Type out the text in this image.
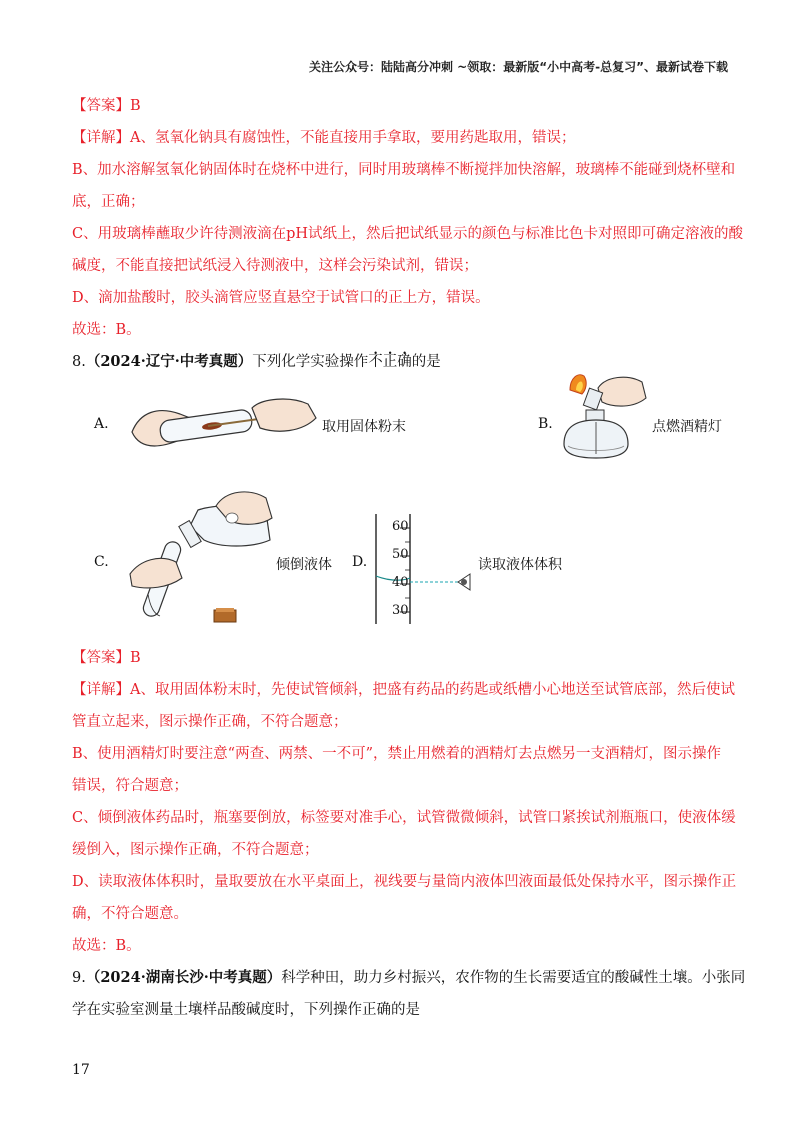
关注公众号：陆陆高分冲刺 ~领取：最新版“小中高考-总复习”、最新试卷下载
【答案】B
【详解】A、氢氧化钠具有腐蚀性，不能直接用手拿取，要用药匙取用，错误；
B、加水溶解氢氧化钠固体时在烧杯中进行，同时用玻璃棒不断搅拌加快溶解，玻璃棒不能碰到烧杯壁和
底，正确；
C、用玻璃棒蘸取少许待测液滴在pH试纸上，然后把试纸显示的颜色与标准比色卡对照即可确定溶液的酸
碱度，不能直接把试纸浸入待测液中，这样会污染试剂，错误；
D、滴加盐酸时，胶头滴管应竖直悬空于试管口的正上方，错误。
故选：B。
8.（2024·辽宁·中考真题）下列化学实验操作不正确的是
A.	取用固体粉末	B.	点燃酒精灯
C.	倾倒液体 D.
60
50
40
30
读取液体体积
【答案】B
【详解】A、取用固体粉末时，先使试管倾斜，把盛有药品的药匙或纸槽小心地送至试管底部，然后使试
管直立起来，图示操作正确，不符合题意；
B、使用酒精灯时要注意“两查、两禁、一不可”，禁止用燃着的酒精灯去点燃另一支酒精灯，图示操作
错误，符合题意；
C、倾倒液体药品时，瓶塞要倒放，标签要对准手心，试管微微倾斜，试管口紧挨试剂瓶瓶口，使液体缓
缓倒入，图示操作正确，不符合题意；
D、读取液体体积时，量取要放在水平桌面上，视线要与量筒内液体凹液面最低处保持水平，图示操作正
确，不符合题意。
故选：B。
9.（2024·湖南长沙·中考真题）科学种田，助力乡村振兴，农作物的生长需要适宜的酸碱性土壤。小张同
学在实验室测量土壤样品酸碱度时，下列操作正确的是
17
